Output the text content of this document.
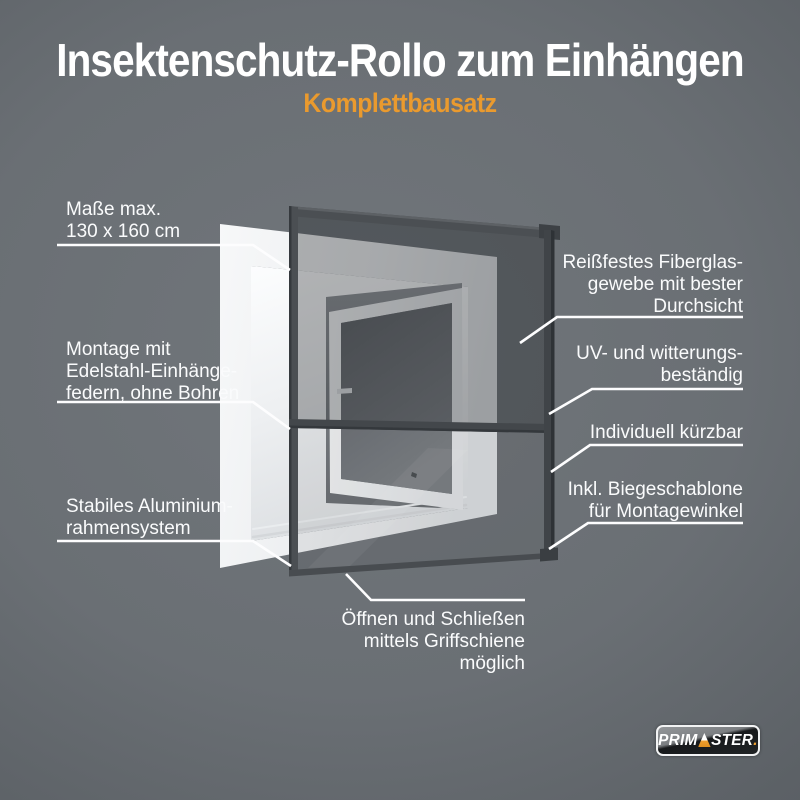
Insektenschutz-Rollo zum Einhängen
Komplettbausatz
Maße max.
130 x 160 cm
Montage mit
Edelstahl-Einhänge-
federn, ohne Bohren
Stabiles Aluminium-
rahmensystem
Reißfestes Fiberglas-
gewebe mit bester
Durchsicht
UV- und witterungs-
beständig
Individuell kürzbar
Inkl. Biegeschablone
für Montagewinkel
Öffnen und Schließen
mittels Griffschiene
möglich
PRIM STER .
